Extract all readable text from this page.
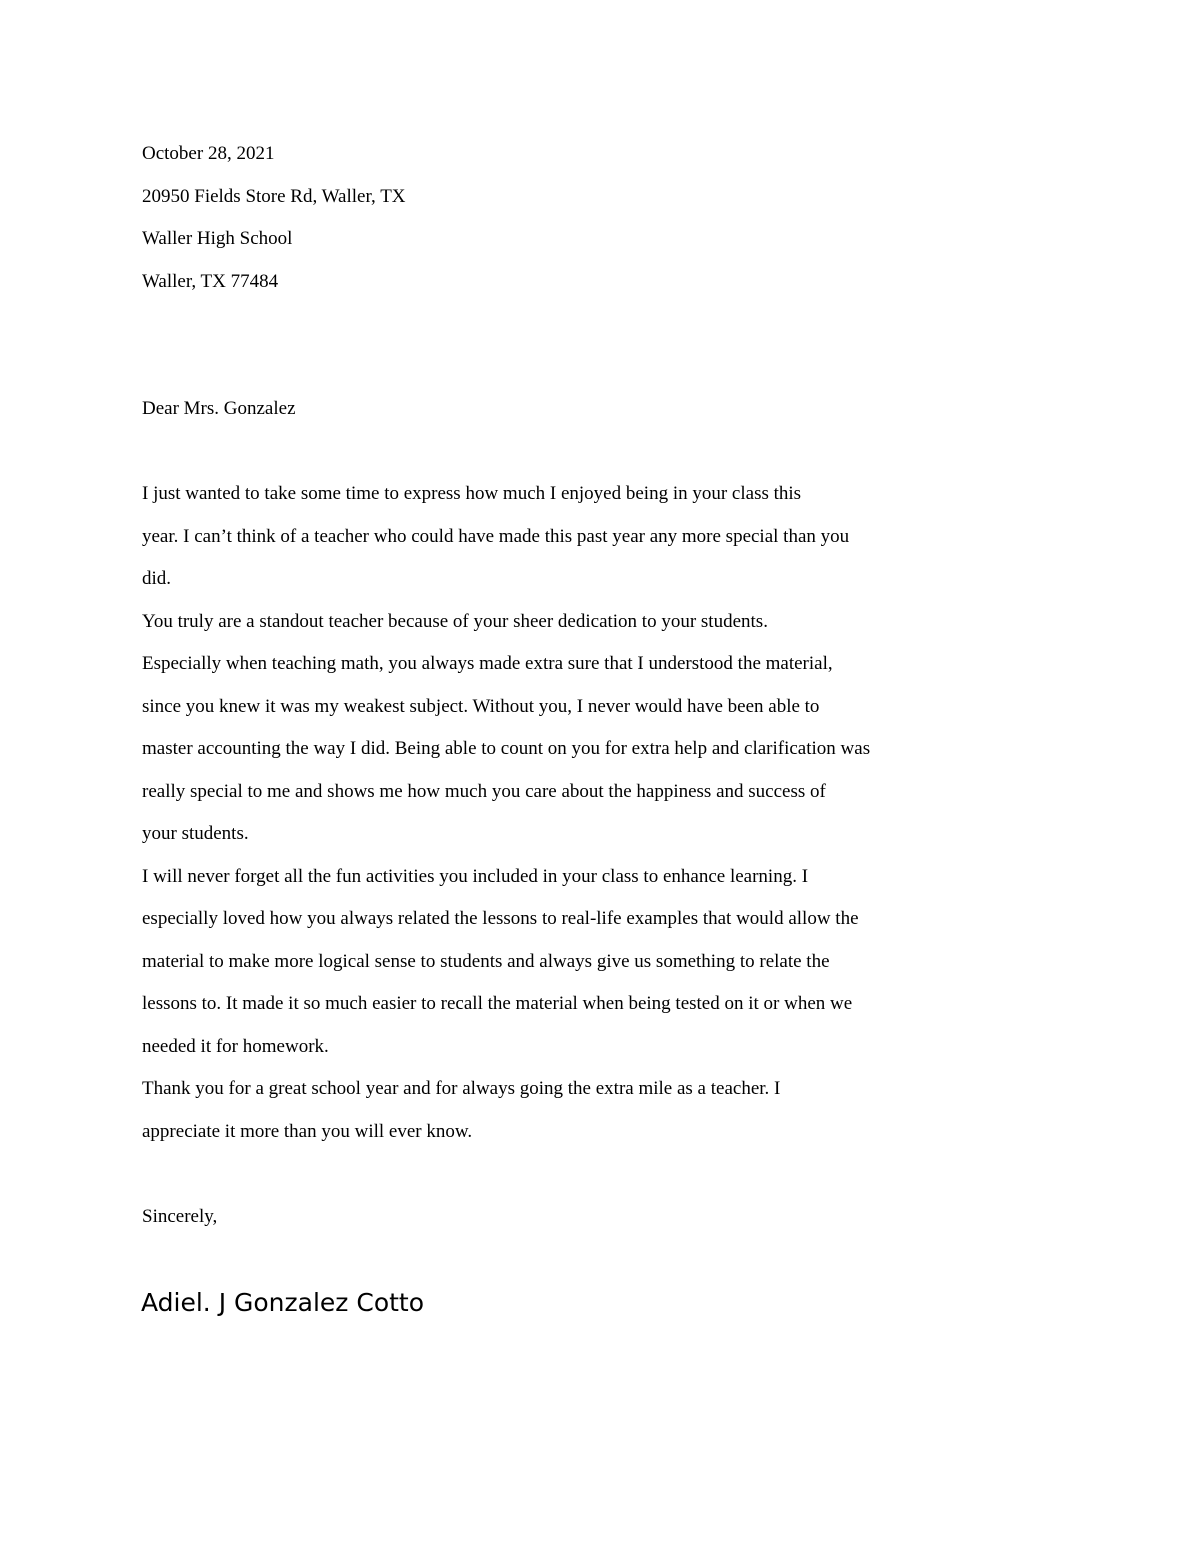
October 28, 2021
20950 Fields Store Rd, Waller, TX
Waller High School
Waller, TX 77484
Dear Mrs. Gonzalez
I just wanted to take some time to express how much I enjoyed being in your class this
year. I can’t think of a teacher who could have made this past year any more special than you
did.
You truly are a standout teacher because of your sheer dedication to your students.
Especially when teaching math, you always made extra sure that I understood the material,
since you knew it was my weakest subject. Without you, I never would have been able to
master accounting the way I did. Being able to count on you for extra help and clarification was
really special to me and shows me how much you care about the happiness and success of
your students.
I will never forget all the fun activities you included in your class to enhance learning. I
especially loved how you always related the lessons to real-life examples that would allow the
material to make more logical sense to students and always give us something to relate the
lessons to. It made it so much easier to recall the material when being tested on it or when we
needed it for homework.
Thank you for a great school year and for always going the extra mile as a teacher. I
appreciate it more than you will ever know.
Sincerely,
Adiel. J Gonzalez Cotto
